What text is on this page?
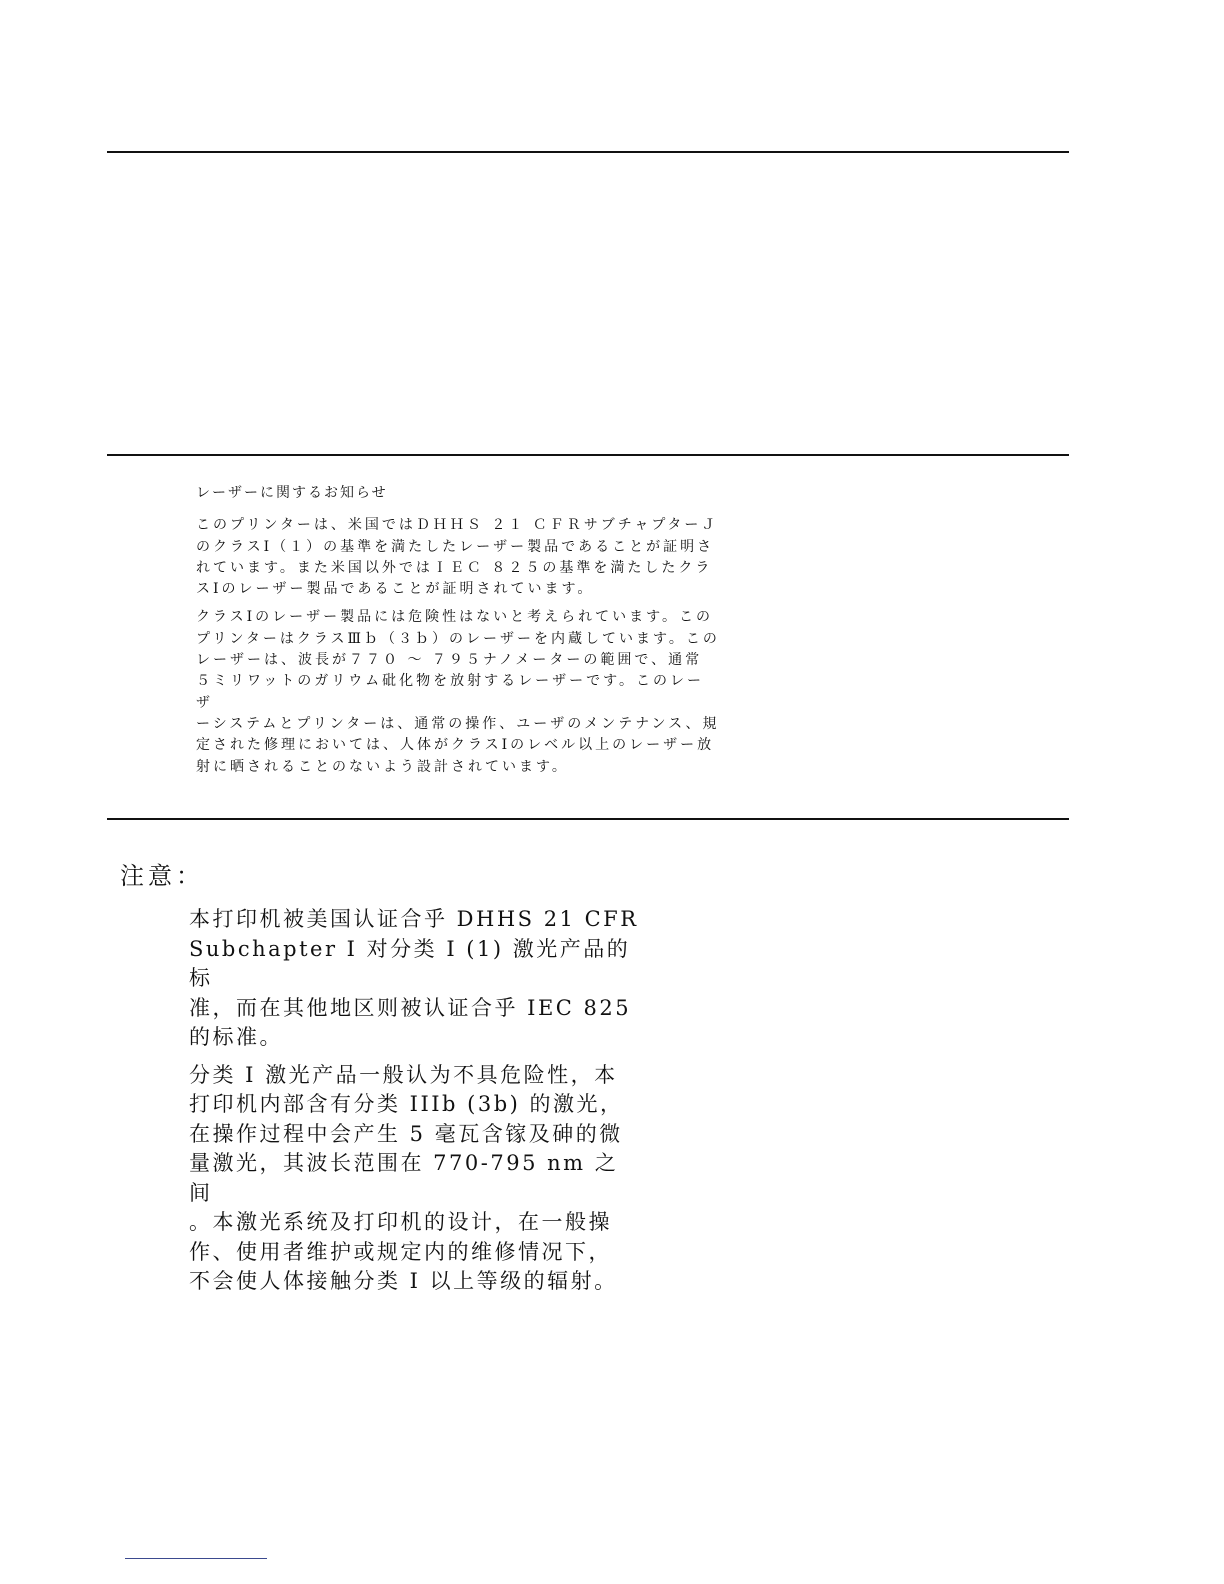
レーザーに関するお知らせ

このプリンターは、米国ではＤＨＨＳ ２１ ＣＦＲサブチャプターＪ
のクラスⅠ（１）の基準を満たしたレーザー製品であることが証明さ
れています。また米国以外ではＩＥＣ ８２５の基準を満たしたクラ
スⅠのレーザー製品であることが証明されています。

クラスⅠのレーザー製品には危険性はないと考えられています。この
プリンターはクラスⅢｂ（３ｂ）のレーザーを内蔵しています。この
レーザーは、波長が７７０ ～ ７９５ナノメーターの範囲で、通常
５ミリワットのガリウム砒化物を放射するレーザーです。このレーザ
ーシステムとプリンターは、通常の操作、ユーザのメンテナンス、規
定された修理においては、人体がクラスⅠのレベル以上のレーザー放
射に晒されることのないよう設計されています。

注意：

本打印机被美国认证合乎 DHHS 21 CFR
Subchapter I 对分类 I (1) 激光产品的标
准，而在其他地区则被认证合乎 IEC 825
的标准。

分类 I 激光产品一般认为不具危险性，本
打印机内部含有分类 IIIb (3b) 的激光，
在操作过程中会产生 5 毫瓦含镓及砷的微
量激光，其波长范围在 770-795 nm 之间
。本激光系统及打印机的设计，在一般操
作、使用者维护或规定内的维修情况下，
不会使人体接触分类 I 以上等级的辐射。
